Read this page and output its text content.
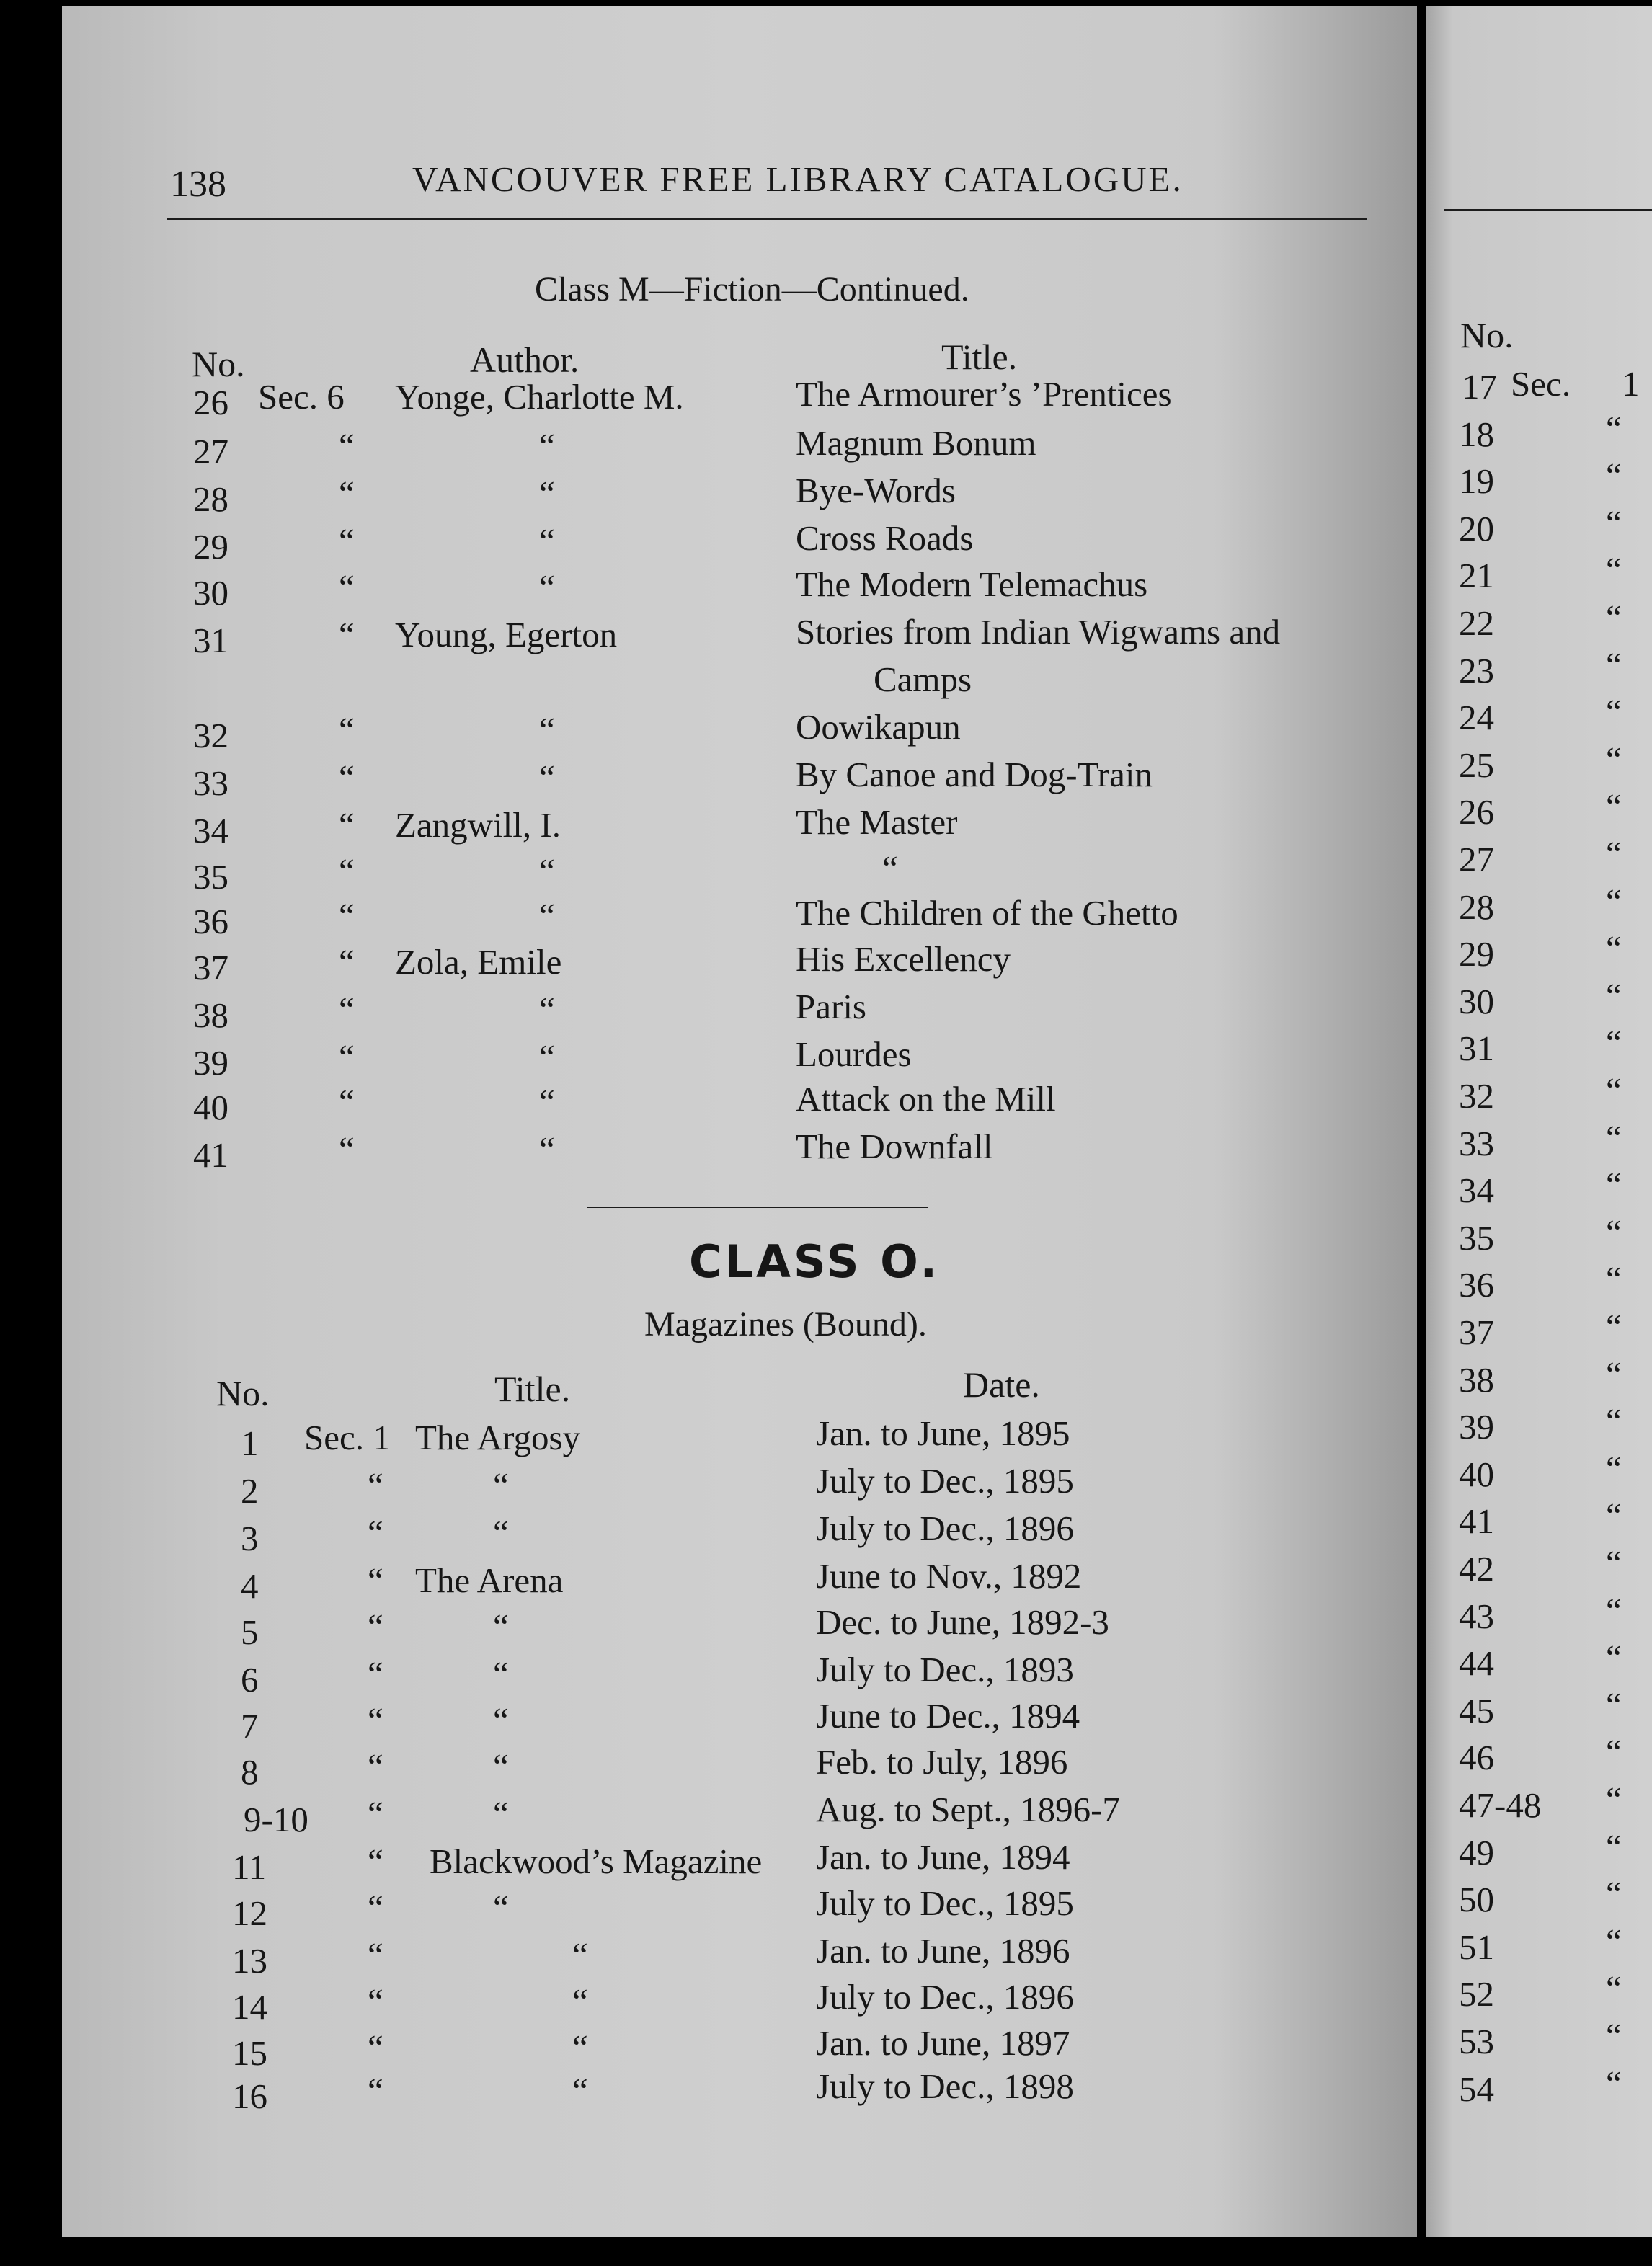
138	VANCOUVER FREE LIBRARY CATALOGUE.
Class M—Fiction—Continued.
No.	Author.	Title.
26 Sec. 6 Yonge, Charlotte M.	The Armourer’s ’Prentices
27	“	“	Magnum Bonum
28	“	“	Bye-Words
29	“	“	Cross Roads
30	“	“	The Modern Telemachus
31	“ Young, Egerton	Stories from Indian Wigwams and
Camps
32	“	“	Oowikapun
33	“	“	By Canoe and Dog-Train
34	“ Zangwill, I.	The Master
35	“	“	“
36	“	“	The Children of the Ghetto
37	“ Zola, Emile	His Excellency
38	“	“	Paris
39	“	“	Lourdes
40	“	“	Attack on the Mill
41	“	“	The Downfall
CLASS O.
Magazines (Bound).
No.	Title.	Date.
1 Sec. 1 The Argosy	Jan. to June, 1895
2	“	“	July to Dec., 1895
3	“	“	July to Dec., 1896
4	“ The Arena	June to Nov., 1892
5	“	“	Dec. to June, 1892-3
6	“	“	July to Dec., 1893
7	“	“	June to Dec., 1894
8	“	“	Feb. to July, 1896
9-10 “	“	Aug. to Sept., 1896-7
11	“ Blackwood’s Magazine Jan. to June, 1894
12	“	“	July to Dec., 1895
13	“	“	Jan. to June, 1896
14	“	“	July to Dec., 1896
15	“	“	Jan. to June, 1897
16	“	“	July to Dec., 1898
No.
17 Sec. 1
18	“
19	“
20	“
21	“
22	“
23	“
24	“
25	“
26	“
27	“
28	“
29	“
30	“
31	“
32	“
33	“
34	“
35	“
36	“
37	“
38	“
39	“
40	“
41	“
42	“
43	“
44	“
45	“
46	“
47-48 “
49	“
50	“
51	“
52	“
53	“
54	“
